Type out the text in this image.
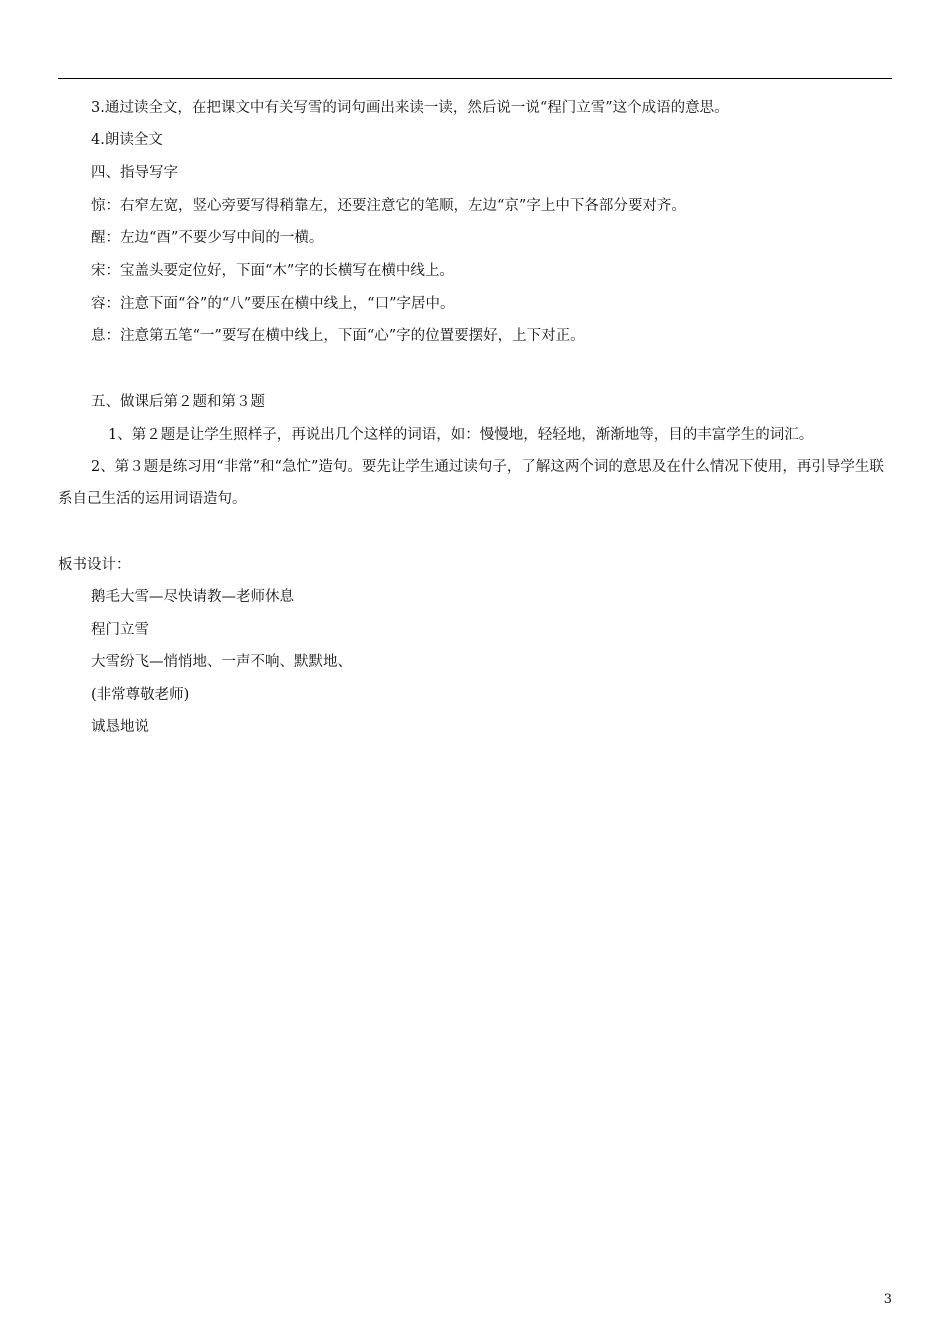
3.通过读全文，在把课文中有关写雪的词句画出来读一读，然后说一说“程门立雪”这个成语的意思。
4.朗读全文
四、指导写字
惊：右窄左宽，竖心旁要写得稍靠左，还要注意它的笔顺，左边“京”字上中下各部分要对齐。
醒：左边“酉”不要少写中间的一横。
宋：宝盖头要定位好，下面“木”字的长横写在横中线上。
容：注意下面“谷”的“八”要压在横中线上，“口”字居中。
息：注意第五笔“一”要写在横中线上，下面“心”字的位置要摆好，上下对正。
五、做课后第２题和第３题
1、第２题是让学生照样子，再说出几个这样的词语，如：慢慢地，轻轻地，渐渐地等，目的丰富学生的词汇。
2、第３题是练习用“非常”和“急忙”造句。要先让学生通过读句子，了解这两个词的意思及在什么情况下使用，再引导学生联系自己生活的运用词语造句。
板书设计：
鹅毛大雪—尽快请教—老师休息
程门立雪
大雪纷飞—悄悄地、一声不响、默默地、
(非常尊敬老师)
诚恳地说
3
